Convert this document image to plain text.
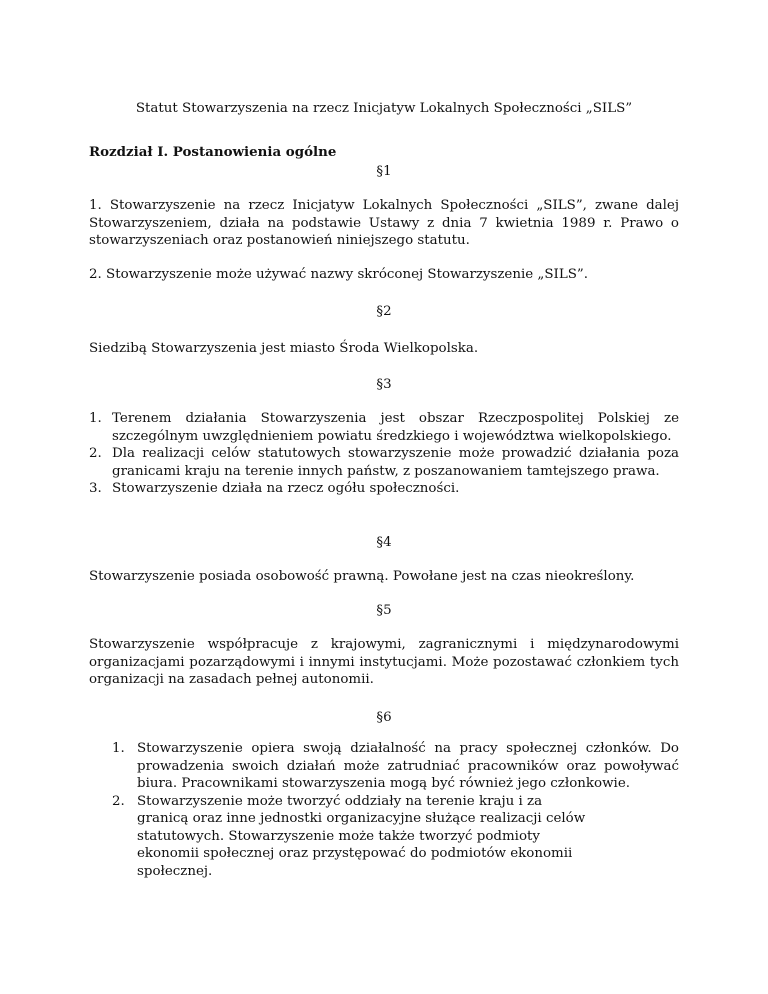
Statut Stowarzyszenia na rzecz Inicjatyw Lokalnych Społeczności „SILS”

Rozdział I. Postanowienia ogólne

§1

1. Stowarzyszenie na rzecz Inicjatyw Lokalnych Społeczności „SILS”, zwane dalej Stowarzyszeniem, działa na podstawie Ustawy z dnia 7 kwietnia 1989 r. Prawo o stowarzyszeniach oraz postanowień niniejszego statutu.

2. Stowarzyszenie może używać nazwy skróconej Stowarzyszenie „SILS”.

§2

Siedzibą Stowarzyszenia jest miasto Środa Wielkopolska.

§3

1. Terenem działania Stowarzyszenia jest obszar Rzeczpospolitej Polskiej ze szczególnym uwzględnieniem powiatu średzkiego i województwa wielkopolskiego.
2. Dla realizacji celów statutowych stowarzyszenie może prowadzić działania poza granicami kraju na terenie innych państw, z poszanowaniem tamtejszego prawa.
3. Stowarzyszenie działa na rzecz ogółu społeczności.

§4

Stowarzyszenie posiada osobowość prawną. Powołane jest na czas nieokreślony.

§5

Stowarzyszenie współpracuje z krajowymi, zagranicznymi i międzynarodowymi organizacjami pozarządowymi i innymi instytucjami. Może pozostawać członkiem tych organizacji na zasadach pełnej autonomii.

§6

1. Stowarzyszenie opiera swoją działalność na pracy społecznej członków. Do prowadzenia swoich działań może zatrudniać pracowników oraz powoływać biura. Pracownikami stowarzyszenia mogą być również jego członkowie.
2. Stowarzyszenie może tworzyć oddziały na terenie kraju i za
granicą oraz inne jednostki organizacyjne służące realizacji celów
statutowych. Stowarzyszenie może także tworzyć podmioty
ekonomii społecznej oraz przystępować do podmiotów ekonomii
społecznej.
